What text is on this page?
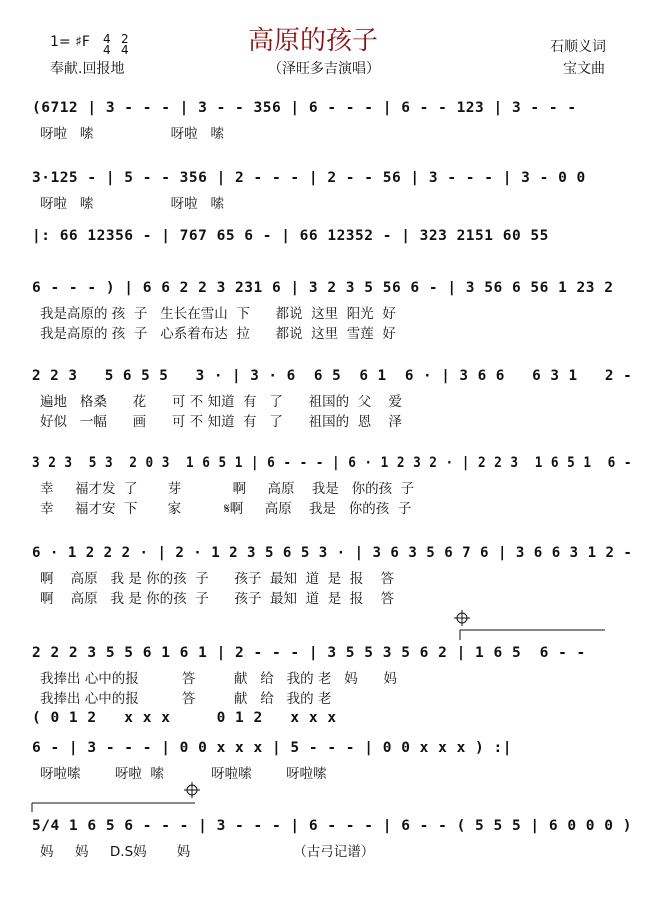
1= ♯F 4
4
2
4	高原的孩子
奉献.回报地	（泽旺多吉演唱）
石顺义词
宝文曲
(6712 | 3 - - - | 3 - - 356 | 6 - - - | 6 - - 123 | 3 - - -
呀啦   嗦                  呀啦   嗦
3·125 - | 5 - - 356 | 2 - - - | 2 - - 56 | 3 - - - | 3 - 0 0
呀啦   嗦                  呀啦   嗦
|: 66 12356 - | 767 65 6 - | 66 12352 - | 323 2151 60 55
6 - - - ) | 6 6 2 2 3 231 6 | 3 2 3 5 56 6 - | 3 56 6 56 1 23 2
我是高原的 孩  子   生长在雪山  下      都说  这里  阳光  好
我是高原的 孩  子   心系着布达  拉      都说  这里  雪莲  好
2 2 3   5 6 5 5   3 · | 3 · 6  6 5  6 1  6 · | 3 6 6   6 3 1   2 -
遍地   格桑      花      可 不 知道  有   了      祖国的  父    爱
好似   一幅      画      可 不 知道  有   了      祖国的  恩    泽
3 2 3  5 3  2 0 3  1 6 5 1 | 6 - - - | 6 · 1 2 3 2 · | 2 2 3  1 6 5 1  6 -
幸     福才发  了       芽            啊     高原    我是   你的孩  子
幸     福才安  下       家          𝄋啊     高原    我是   你的孩  子
6 · 1 2 2 2 · | 2 · 1 2 3 5 6 5 3 · | 3 6 3 5 6 7 6 | 3 6 6 3 1 2 -
啊    高原   我 是 你的孩  子      孩子  最知  道  是  报    答
啊    高原   我 是 你的孩  子      孩子  最知  道  是  报    答
2 2 2 3 5 5 6 1 6 1 | 2 - - - | 3 5 5 3 5 6 2 | 1 6 5  6 - -
我捧出 心中的报          答         献   给   我的 老   妈      妈
我捧出 心中的报          答         献   给   我的 老
( 0 1 2   x x x     0 1 2   x x x
6 - | 3 - - - | 0 0 x x x | 5 - - - | 0 0 x x x ) :|
呀啦嗦        呀啦  嗦           呀啦嗦        呀啦嗦
5/4 1 6 5 6 - - - | 3 - - - | 6 - - - | 6 - - ( 5 5 5 | 6 0 0 0 )
妈     妈     D.S妈       妈                        （古弓记谱）
